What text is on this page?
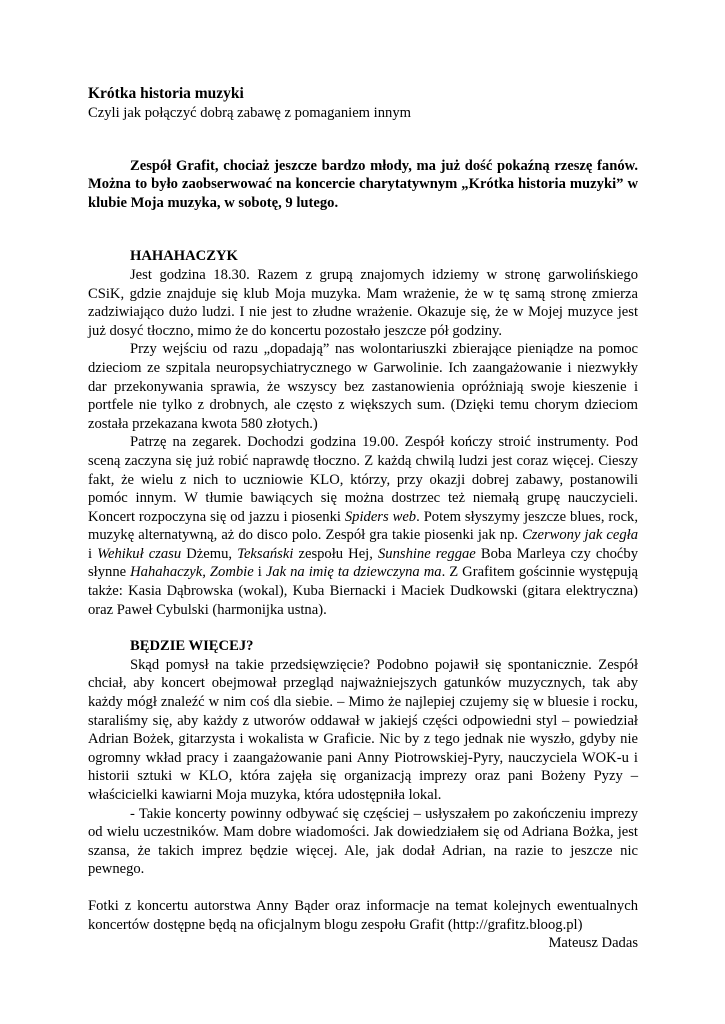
Krótka historia muzyki

Czyli jak połączyć dobrą zabawę z pomaganiem innym

Zespół Grafit, chociaż jeszcze bardzo młody, ma już dość pokaźną rzeszę fanów. Można to było zaobserwować na koncercie charytatywnym „Krótka historia muzyki” w klubie Moja muzyka, w sobotę, 9 lutego.

HAHAHACZYK

Jest godzina 18.30. Razem z grupą znajomych idziemy w stronę garwolińskiego CSiK, gdzie znajduje się klub Moja muzyka. Mam wrażenie, że w tę samą stronę zmierza zadziwiająco dużo ludzi. I nie jest to złudne wrażenie. Okazuje się, że w Mojej muzyce jest już dosyć tłoczno, mimo że do koncertu pozostało jeszcze pół godziny.

Przy wejściu od razu „dopadają” nas wolontariuszki zbierające pieniądze na pomoc dzieciom ze szpitala neuropsychiatrycznego w Garwolinie. Ich zaangażowanie i niezwykły dar przekonywania sprawia, że wszyscy bez zastanowienia opróżniają swoje kieszenie i portfele nie tylko z drobnych, ale często z większych sum. (Dzięki temu chorym dzieciom została przekazana kwota 580 złotych.)

Patrzę na zegarek. Dochodzi godzina 19.00. Zespół kończy stroić instrumenty. Pod sceną zaczyna się już robić naprawdę tłoczno. Z każdą chwilą ludzi jest coraz więcej. Cieszy fakt, że wielu z nich to uczniowie KLO, którzy, przy okazji dobrej zabawy, postanowili pomóc innym. W tłumie bawiących się można dostrzec też niemałą grupę nauczycieli. Koncert rozpoczyna się od jazzu i piosenki Spiders web. Potem słyszymy jeszcze blues, rock, muzykę alternatywną, aż do disco polo. Zespół gra takie piosenki jak np. Czerwony jak cegła i Wehikuł czasu Dżemu, Teksański zespołu Hej, Sunshine reggae Boba Marleya czy choćby słynne Hahahaczyk, Zombie i Jak na imię ta dziewczyna ma. Z Grafitem gościnnie występują także: Kasia Dąbrowska (wokal), Kuba Biernacki i Maciek Dudkowski (gitara elektryczna) oraz Paweł Cybulski (harmonijka ustna).

BĘDZIE WIĘCEJ?

Skąd pomysł na takie przedsięwzięcie? Podobno pojawił się spontanicznie. Zespół chciał, aby koncert obejmował przegląd najważniejszych gatunków muzycznych, tak aby każdy mógł znaleźć w nim coś dla siebie. – Mimo że najlepiej czujemy się w bluesie i rocku, staraliśmy się, aby każdy z utworów oddawał w jakiejś części odpowiedni styl – powiedział Adrian Bożek, gitarzysta i wokalista w Graficie. Nic by z tego jednak nie wyszło, gdyby nie ogromny wkład pracy i zaangażowanie pani Anny Piotrowskiej-Pyry, nauczyciela WOK-u i historii sztuki w KLO, która zajęła się organizacją imprezy oraz pani Bożeny Pyzy – właścicielki kawiarni Moja muzyka, która udostępniła lokal.

- Takie koncerty powinny odbywać się częściej – usłyszałem po zakończeniu imprezy od wielu uczestników. Mam dobre wiadomości. Jak dowiedziałem się od Adriana Bożka, jest szansa, że takich imprez będzie więcej. Ale, jak dodał Adrian, na razie to jeszcze nic pewnego.

Fotki z koncertu autorstwa Anny Bąder oraz informacje na temat kolejnych ewentualnych koncertów dostępne będą na oficjalnym blogu zespołu Grafit (http://grafitz.bloog.pl)

Mateusz Dadas
